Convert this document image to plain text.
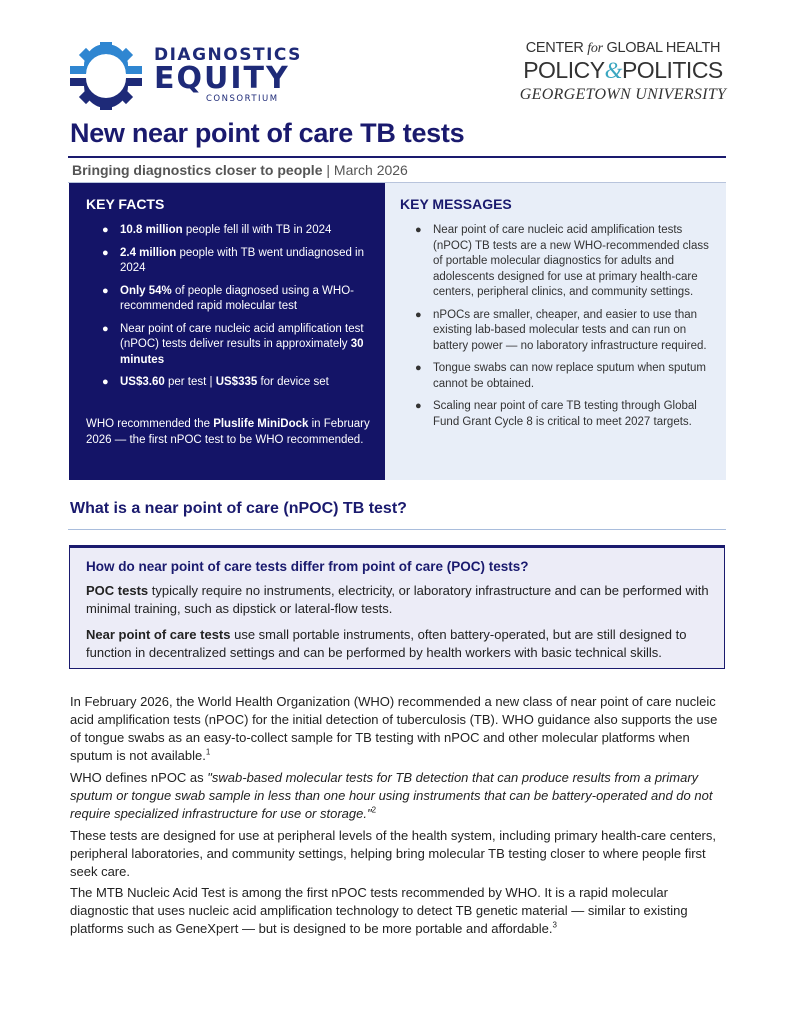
DIAGNOSTICS
EQUITY
CONSORTIUM
CENTER for GLOBAL HEALTH
POLICY&POLITICS
GEORGETOWN UNIVERSITY
New near point of care TB tests
Bringing diagnostics closer to people | March 2026
KEY FACTS
● 10.8 million people fell ill with TB in 2024
● 2.4 million people with TB went undiagnosed in 2024
● Only 54% of people diagnosed using a WHO-recommended rapid molecular test
● Near point of care nucleic acid amplification test (nPOC) tests deliver results in approximately 30 minutes
● US$3.60 per test | US$335 for device set
WHO recommended the Pluslife MiniDock in February 2026 — the first nPOC test to be WHO recommended.
KEY MESSAGES
● Near point of care nucleic acid amplification tests (nPOC) TB tests are a new WHO-recommended class of portable molecular diagnostics for adults and adolescents designed for use at primary health-care centers, peripheral clinics, and community settings.
● nPOCs are smaller, cheaper, and easier to use than existing lab-based molecular tests and can run on battery power — no laboratory infrastructure required.
● Tongue swabs can now replace sputum when sputum cannot be obtained.
● Scaling near point of care TB testing through Global Fund Grant Cycle 8 is critical to meet 2027 targets.
What is a near point of care (nPOC) TB test?
How do near point of care tests differ from point of care (POC) tests?
POC tests typically require no instruments, electricity, or laboratory infrastructure and can be performed with minimal training, such as dipstick or lateral-flow tests.
Near point of care tests use small portable instruments, often battery-operated, but are still designed to function in decentralized settings and can be performed by health workers with basic technical skills.
In February 2026, the World Health Organization (WHO) recommended a new class of near point of care nucleic acid amplification tests (nPOC) for the initial detection of tuberculosis (TB). WHO guidance also supports the use of tongue swabs as an easy-to-collect sample for TB testing with nPOC and other molecular platforms when sputum is not available.$^1$
WHO defines nPOC as "swab-based molecular tests for TB detection that can produce results from a primary sputum or tongue swab sample in less than one hour using instruments that can be battery-operated and do not require specialized infrastructure for use or storage."$^2$
These tests are designed for use at peripheral levels of the health system, including primary health-care centers, peripheral laboratories, and community settings, helping bring molecular TB testing closer to where people first seek care.
The MTB Nucleic Acid Test is among the first nPOC tests recommended by WHO. It is a rapid molecular diagnostic that uses nucleic acid amplification technology to detect TB genetic material — similar to existing platforms such as GeneXpert — but is designed to be more portable and affordable.$^3$
